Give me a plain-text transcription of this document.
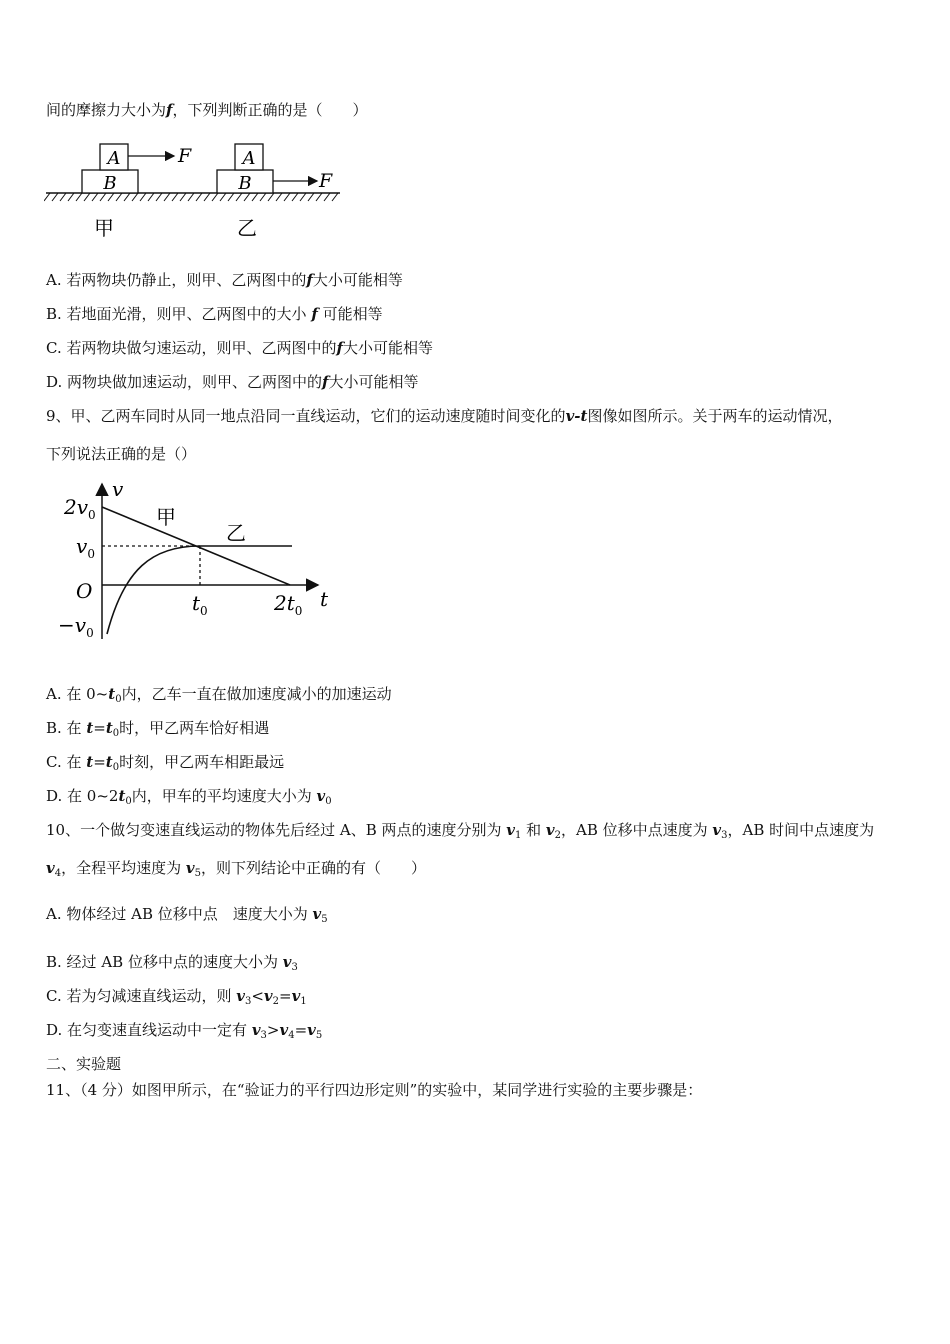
间的摩擦力大小为f，下列判断正确的是（　　）
A
B
F
甲
A
B	F
乙
A. 若两物块仍静止，则甲、乙两图中的f大小可能相等
B. 若地面光滑，则甲、乙两图中的大小 f 可能相等
C. 若两物块做匀速运动，则甲、乙两图中的f大小可能相等
D. 两物块做加速运动，则甲、乙两图中的f大小可能相等
9、甲、乙两车同时从同一地点沿同一直线运动，它们的运动速度随时间变化的v-t图像如图所示。关于两车的运动情况，
下列说法正确的是（）
v
t
$2v_0$
$v_0$
O
$-v_0$
$t_0$	$2t_0$
甲
乙
A. 在 $0\sim t_0$内，乙车一直在做加速度减小的加速运动
B. 在 $t=t_0$时，甲乙两车恰好相遇
C. 在 $t=t_0$时刻，甲乙两车相距最远
D. 在 $0\sim 2t_0$内，甲车的平均速度大小为 $v_0$
10、一个做匀变速直线运动的物体先后经过 A、B 两点的速度分别为 $v_1$ 和 $v_2$，AB 位移中点速度为 $v_3$，AB 时间中点速度为
$v_4$，全程平均速度为 $v_5$，则下列结论中正确的有（　　）
A. 物体经过 AB 位移中点　速度大小为 $v_5$
B. 经过 AB 位移中点的速度大小为 $v_3$
C. 若为匀减速直线运动，则 $v_3<v_2=v_1$
D. 在匀变速直线运动中一定有 $v_3>v_4=v_5$
二、实验题
11、（4 分）如图甲所示，在“验证力的平行四边形定则”的实验中，某同学进行实验的主要步骤是：
